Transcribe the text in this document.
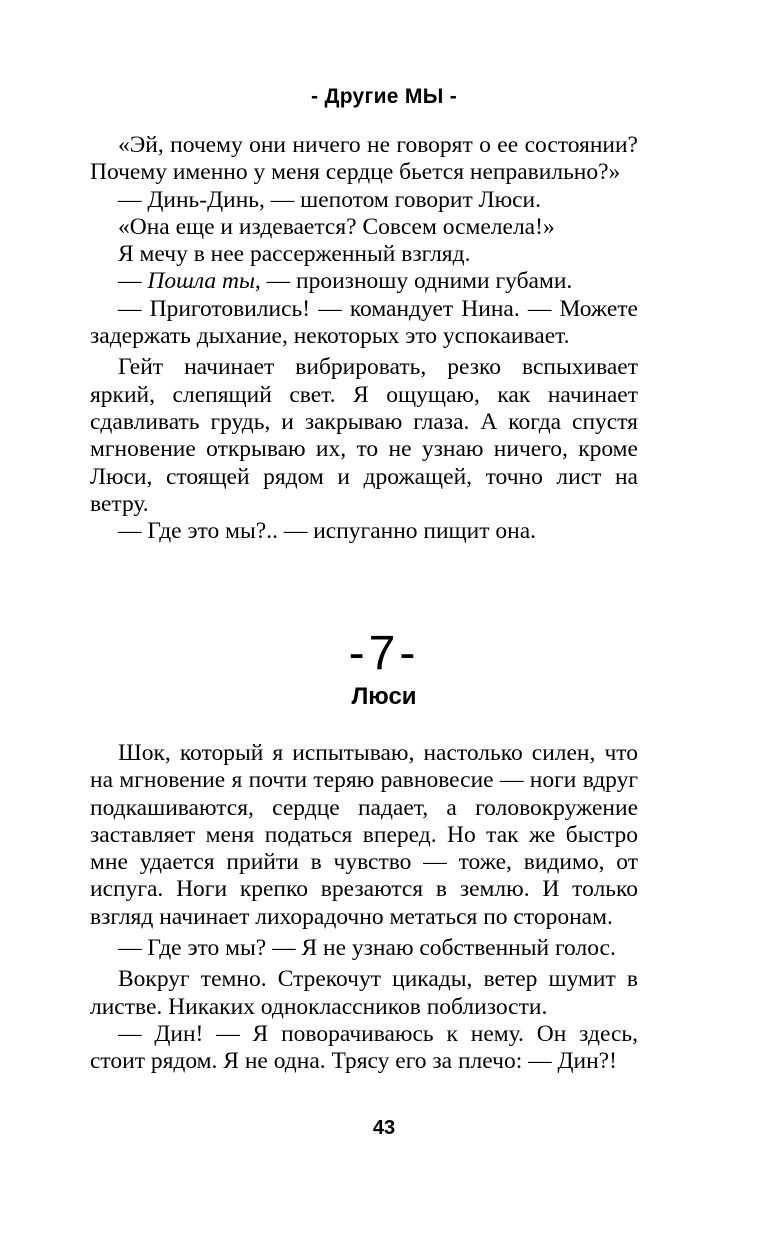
- Другие МЫ -

«Эй, почему они ничего не говорят о ее состоянии? Почему именно у меня сердце бьется неправильно?»

— Динь-Динь, — шепотом говорит Люси.

«Она еще и издевается? Совсем осмелела!»

Я мечу в нее рассерженный взгляд.

— Пошла ты, — произношу одними губами.

— Приготовились! — командует Нина. — Можете задержать дыхание, некоторых это успокаивает.

Гейт начинает вибрировать, резко вспыхивает яркий, слепящий свет. Я ощущаю, как начинает сдавливать грудь, и закрываю глаза. А когда спустя мгновение открываю их, то не узнаю ничего, кроме Люси, стоящей рядом и дрожащей, точно лист на ветру.

— Где это мы?.. — испуганно пищит она.

-7-
Люси

Шок, который я испытываю, настолько силен, что на мгновение я почти теряю равновесие — ноги вдруг подкашиваются, сердце падает, а головокружение заставляет меня податься вперед. Но так же быстро мне удается прийти в чувство — тоже, видимо, от испуга. Ноги крепко врезаются в землю. И только взгляд начинает лихорадочно метаться по сторонам.

— Где это мы? — Я не узнаю собственный голос.

Вокруг темно. Стрекочут цикады, ветер шумит в листве. Никаких одноклассников поблизости.

— Дин! — Я поворачиваюсь к нему. Он здесь, стоит рядом. Я не одна. Трясу его за плечо: — Дин?!

43
